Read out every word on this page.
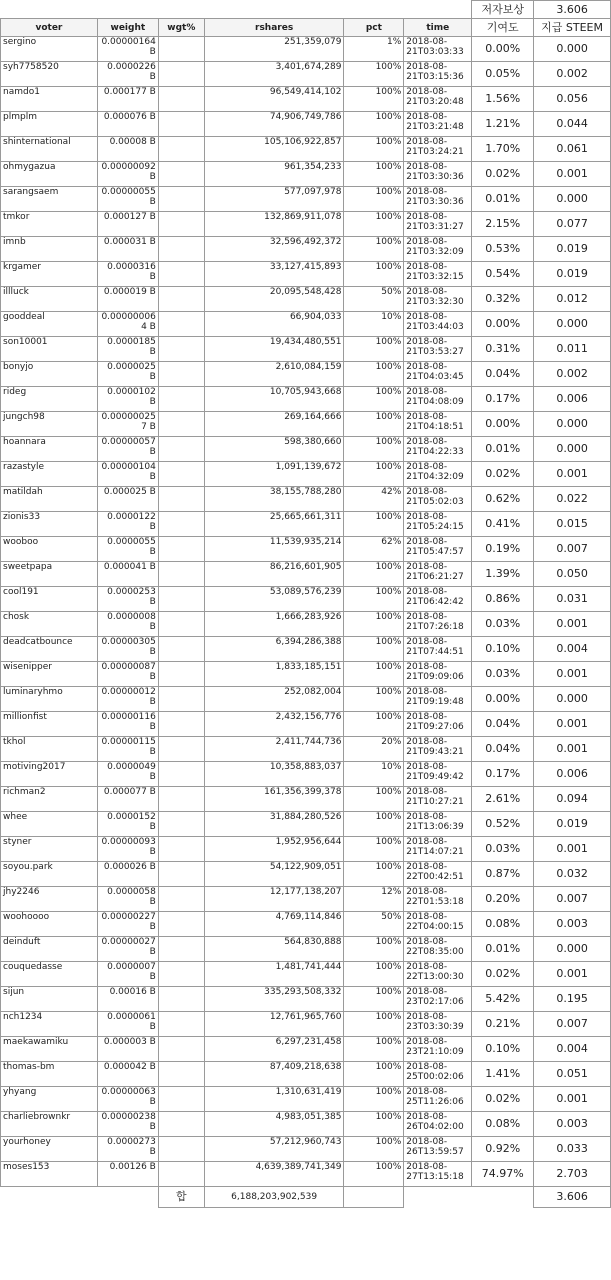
						저자보상	3.606
voter	weight	wgt%	rshares	pct	time	기여도	지급 STEEM
sergino	0.00000164 B		251,359,079	1%	2018-08-21T03:03:33	0.00%	0.000
syh7758520	0.0000226 B		3,401,674,289	100%	2018-08-21T03:15:36	0.05%	0.002
namdo1	0.000177 B		96,549,414,102	100%	2018-08-21T03:20:48	1.56%	0.056
plmplm	0.000076 B		74,906,749,786	100%	2018-08-21T03:21:48	1.21%	0.044
shinternational	0.00008 B		105,106,922,857	100%	2018-08-21T03:24:21	1.70%	0.061
ohmygazua	0.00000092 B		961,354,233	100%	2018-08-21T03:30:36	0.02%	0.001
sarangsaem	0.00000055 B		577,097,978	100%	2018-08-21T03:30:36	0.01%	0.000
tmkor	0.000127 B		132,869,911,078	100%	2018-08-21T03:31:27	2.15%	0.077
imnb	0.000031 B		32,596,492,372	100%	2018-08-21T03:32:09	0.53%	0.019
krgamer	0.0000316 B		33,127,415,893	100%	2018-08-21T03:32:15	0.54%	0.019
illluck	0.000019 B		20,095,548,428	50%	2018-08-21T03:32:30	0.32%	0.012
gooddeal	0.00000006 4 B		66,904,033	10%	2018-08-21T03:44:03	0.00%	0.000
son10001	0.0000185 B		19,434,480,551	100%	2018-08-21T03:53:27	0.31%	0.011
bonyjo	0.0000025 B		2,610,084,159	100%	2018-08-21T04:03:45	0.04%	0.002
rideg	0.0000102 B		10,705,943,668	100%	2018-08-21T04:08:09	0.17%	0.006
jungch98	0.00000025 7 B		269,164,666	100%	2018-08-21T04:18:51	0.00%	0.000
hoannara	0.00000057 B		598,380,660	100%	2018-08-21T04:22:33	0.01%	0.000
razastyle	0.00000104 B		1,091,139,672	100%	2018-08-21T04:32:09	0.02%	0.001
matildah	0.000025 B		38,155,788,280	42%	2018-08-21T05:02:03	0.62%	0.022
zionis33	0.0000122 B		25,665,661,311	100%	2018-08-21T05:24:15	0.41%	0.015
wooboo	0.0000055 B		11,539,935,214	62%	2018-08-21T05:47:57	0.19%	0.007
sweetpapa	0.000041 B		86,216,601,905	100%	2018-08-21T06:21:27	1.39%	0.050
cool191	0.0000253 B		53,089,576,239	100%	2018-08-21T06:42:42	0.86%	0.031
chosk	0.0000008 B		1,666,283,926	100%	2018-08-21T07:26:18	0.03%	0.001
deadcatbounce	0.00000305 B		6,394,286,388	100%	2018-08-21T07:44:51	0.10%	0.004
wisenipper	0.00000087 B		1,833,185,151	100%	2018-08-21T09:09:06	0.03%	0.001
luminaryhmo	0.00000012 B		252,082,004	100%	2018-08-21T09:19:48	0.00%	0.000
millionfist	0.00000116 B		2,432,156,776	100%	2018-08-21T09:27:06	0.04%	0.001
tkhol	0.00000115 B		2,411,744,736	20%	2018-08-21T09:43:21	0.04%	0.001
motiving2017	0.0000049 B		10,358,883,037	10%	2018-08-21T09:49:42	0.17%	0.006
richman2	0.000077 B		161,356,399,378	100%	2018-08-21T10:27:21	2.61%	0.094
whee	0.0000152 B		31,884,280,526	100%	2018-08-21T13:06:39	0.52%	0.019
styner	0.00000093 B		1,952,956,644	100%	2018-08-21T14:07:21	0.03%	0.001
soyou.park	0.000026 B		54,122,909,051	100%	2018-08-22T00:42:51	0.87%	0.032
jhy2246	0.0000058 B		12,177,138,207	12%	2018-08-22T01:53:18	0.20%	0.007
woohoooo	0.00000227 B		4,769,114,846	50%	2018-08-22T04:00:15	0.08%	0.003
deinduft	0.00000027 B		564,830,888	100%	2018-08-22T08:35:00	0.01%	0.000
couquedasse	0.0000007 B		1,481,741,444	100%	2018-08-22T13:00:30	0.02%	0.001
sijun	0.00016 B		335,293,508,332	100%	2018-08-23T02:17:06	5.42%	0.195
nch1234	0.0000061 B		12,761,965,760	100%	2018-08-23T03:30:39	0.21%	0.007
maekawamiku	0.000003 B		6,297,231,458	100%	2018-08-23T21:10:09	0.10%	0.004
thomas-bm	0.000042 B		87,409,218,638	100%	2018-08-25T00:02:06	1.41%	0.051
yhyang	0.00000063 B		1,310,631,419	100%	2018-08-25T11:26:06	0.02%	0.001
charliebrownkr	0.00000238 B		4,983,051,385	100%	2018-08-26T04:02:00	0.08%	0.003
yourhoney	0.0000273 B		57,212,960,743	100%	2018-08-26T13:59:57	0.92%	0.033
moses153	0.00126 B		4,639,389,741,349	100%	2018-08-27T13:15:18	74.97%	2.703
		합	6,188,203,902,539				3.606
